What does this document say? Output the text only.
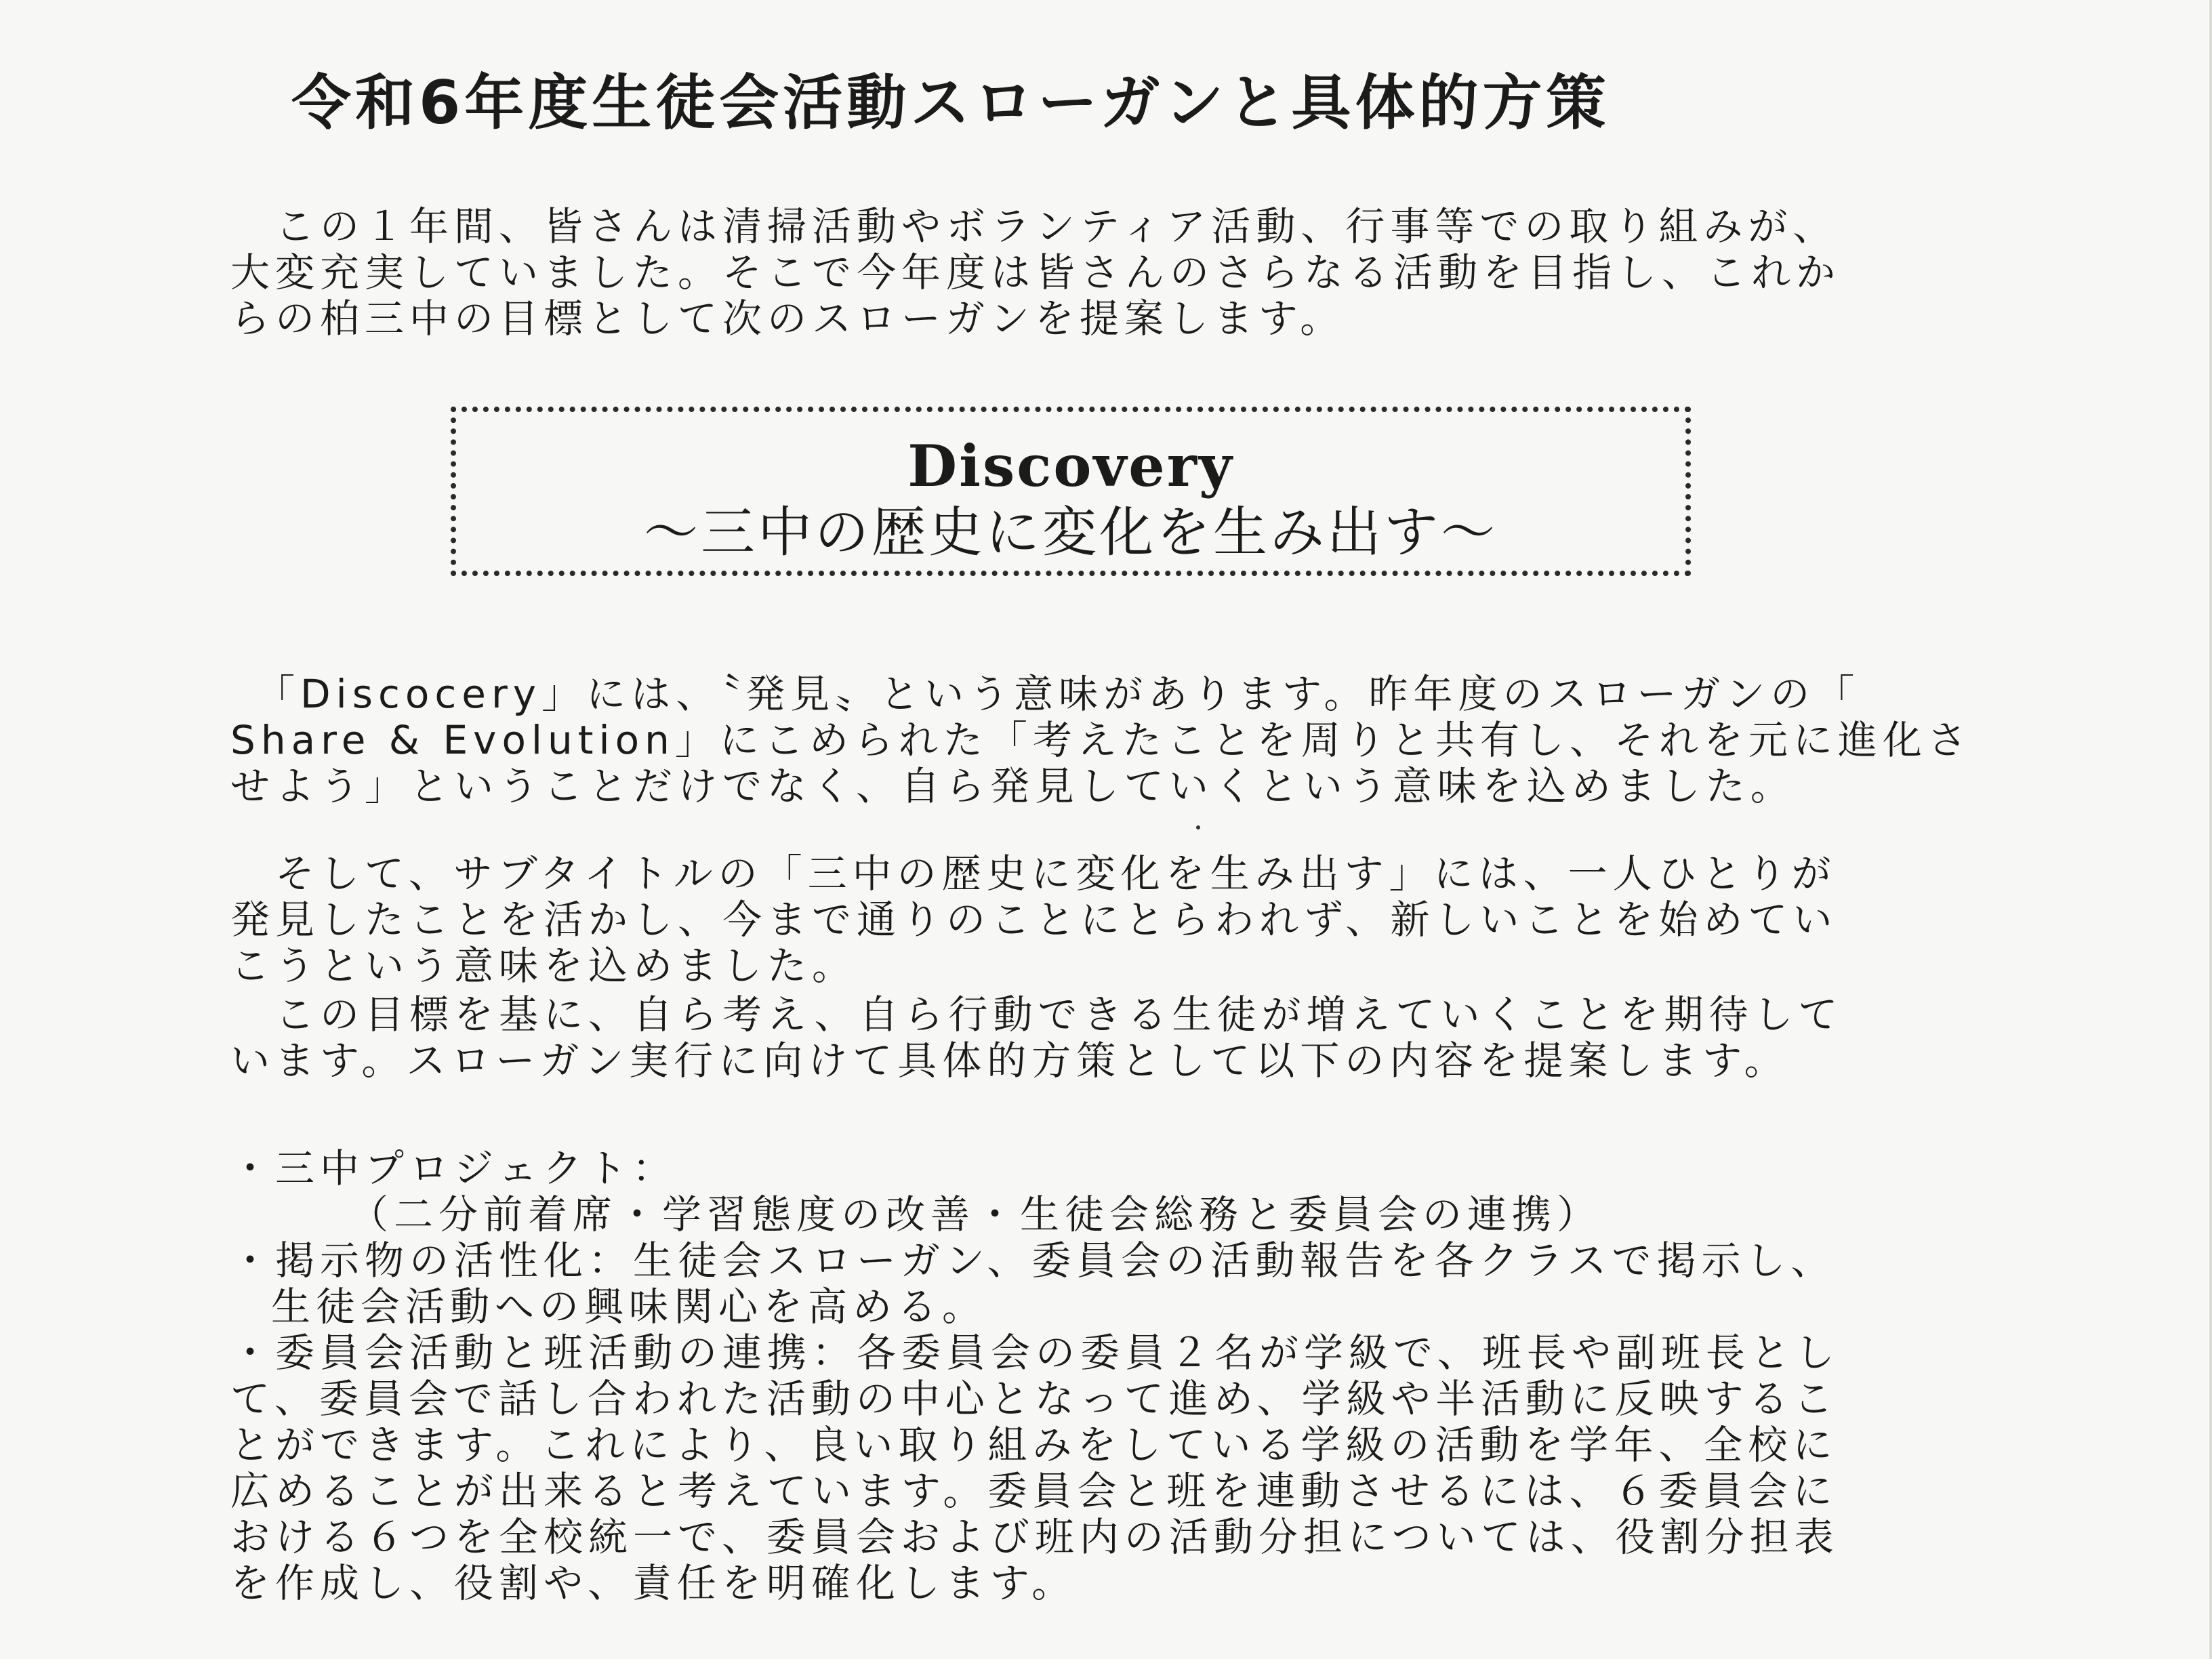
令和6年度生徒会活動スローガンと具体的方策
　この１年間、皆さんは清掃活動やボランティア活動、行事等での取り組みが、
大変充実していました。そこで今年度は皆さんのさらなる活動を目指し、これか
らの柏三中の目標として次のスローガンを提案します。
Discovery
～三中の歴史に変化を生み出す～
　「Discocery」には、〝発見〟という意味があります。昨年度のスローガンの「
Share & Evolution」にこめられた「考えたことを周りと共有し、それを元に進化さ
せよう」ということだけでなく、自ら発見していくという意味を込めました。
　そして、サブタイトルの「三中の歴史に変化を生み出す」には、一人ひとりが
発見したことを活かし、今まで通りのことにとらわれず、新しいことを始めてい
こうという意味を込めました。
　この目標を基に、自ら考え、自ら行動できる生徒が増えていくことを期待して
います。スローガン実行に向けて具体的方策として以下の内容を提案します。
・三中プロジェクト：
（二分前着席・学習態度の改善・生徒会総務と委員会の連携）
・掲示物の活性化：生徒会スローガン、委員会の活動報告を各クラスで掲示し、
生徒会活動への興味関心を高める。
・委員会活動と班活動の連携：各委員会の委員２名が学級で、班長や副班長とし
て、委員会で話し合われた活動の中心となって進め、学級や半活動に反映するこ
とができます。これにより、良い取り組みをしている学級の活動を学年、全校に
広めることが出来ると考えています。委員会と班を連動させるには、６委員会に
おける６つを全校統一で、委員会および班内の活動分担については、役割分担表
を作成し、役割や、責任を明確化します。
